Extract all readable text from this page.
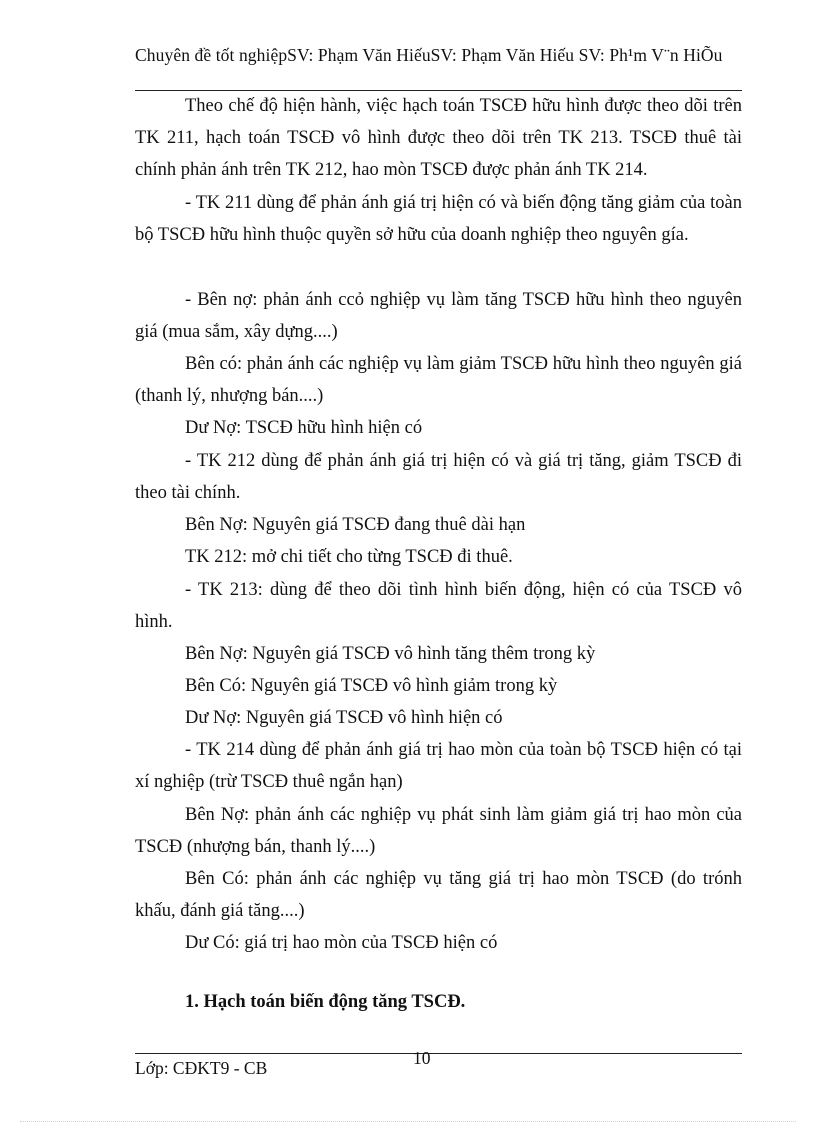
Chuyên đề tốt nghiệpSV: Phạm Văn HiếuSV: Phạm Văn Hiếu SV: Ph¹m V¨n HiÕu
Theo chế độ hiện hành, việc hạch toán TSCĐ hữu hình được theo dõi trên TK 211, hạch toán TSCĐ vô hình được theo dõi trên TK 213. TSCĐ thuê tài chính phản ánh trên TK 212, hao mòn TSCĐ được phản ánh TK 214.
- TK 211 dùng để phản ánh giá trị hiện có và biến động tăng giảm của toàn bộ TSCĐ hữu hình thuộc quyền sở hữu của doanh nghiệp theo nguyên gía.
- Bên nợ: phản ánh ccỏ nghiệp vụ làm tăng TSCĐ hữu hình theo nguyên giá (mua sắm, xây dựng....)
Bên có: phản ánh các nghiệp vụ làm giảm TSCĐ hữu hình theo nguyên giá (thanh lý, nhượng bán....)
Dư Nợ: TSCĐ hữu hình hiện có
- TK 212 dùng để phản ánh giá trị hiện có và giá trị tăng, giảm TSCĐ đi theo tài chính.
Bên Nợ: Nguyên giá TSCĐ đang thuê dài hạn
TK 212: mở chi tiết cho từng TSCĐ đi thuê.
- TK 213: dùng để theo dõi tình hình biến động, hiện có của TSCĐ vô hình.
Bên Nợ: Nguyên giá TSCĐ vô hình tăng thêm trong kỳ
Bên Có: Nguyên giá TSCĐ vô hình giảm trong kỳ
Dư Nợ: Nguyên giá TSCĐ vô hình hiện có
- TK 214 dùng để phản ánh giá trị hao mòn của toàn bộ TSCĐ hiện có tại xí nghiệp (trừ TSCĐ thuê ngắn hạn)
Bên Nợ: phản ánh các nghiệp vụ phát sinh làm giảm giá trị hao mòn của TSCĐ (nhượng bán, thanh lý....)
Bên Có: phản ánh các nghiệp vụ tăng giá trị hao mòn TSCĐ (do trónh khấu, đánh giá tăng....)
Dư Có: giá trị hao mòn của TSCĐ hiện có
1. Hạch toán biến động tăng TSCĐ.
Lớp: CĐKT9 - CB	10
